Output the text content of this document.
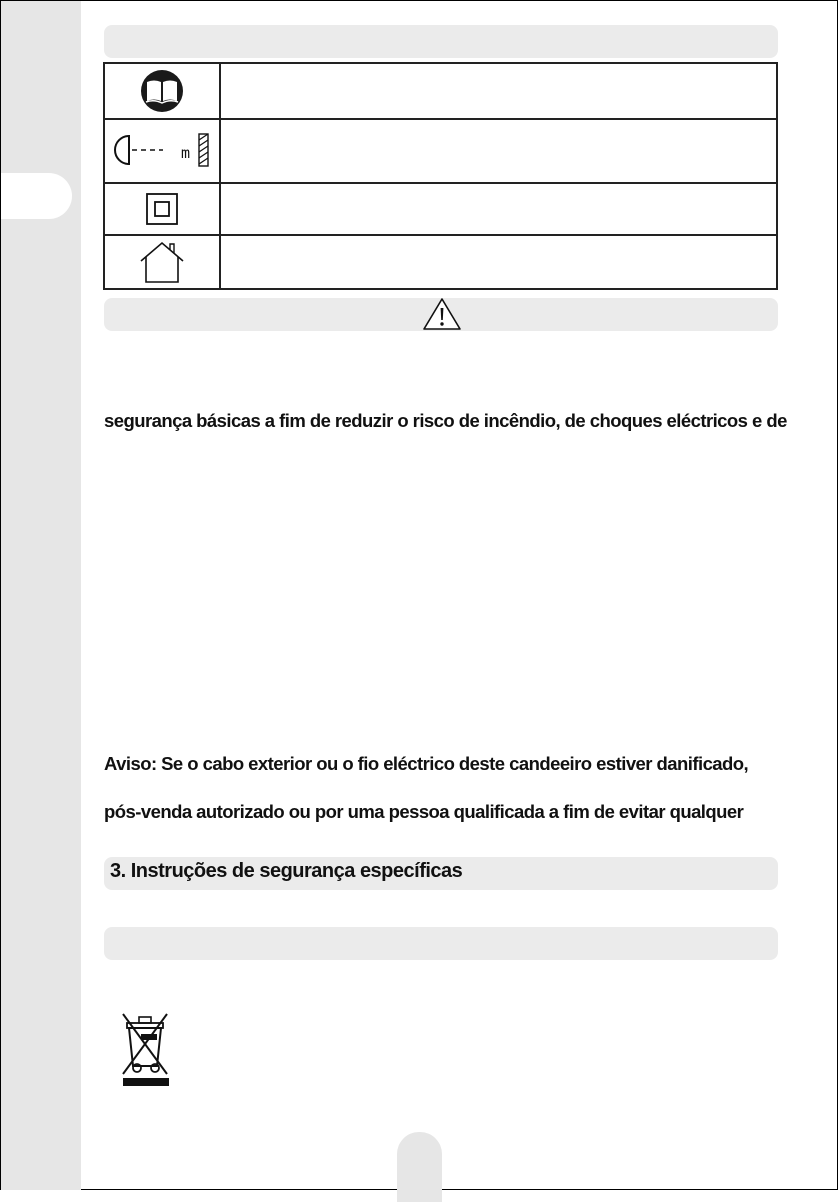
m
segurança básicas a fim de reduzir o risco de incêndio, de choques eléctricos e de
Aviso: Se o cabo exterior ou o fio eléctrico deste candeeiro estiver danificado,
pós-venda autorizado ou por uma pessoa qualificada a fim de evitar qualquer
3. Instruções de segurança específicas
